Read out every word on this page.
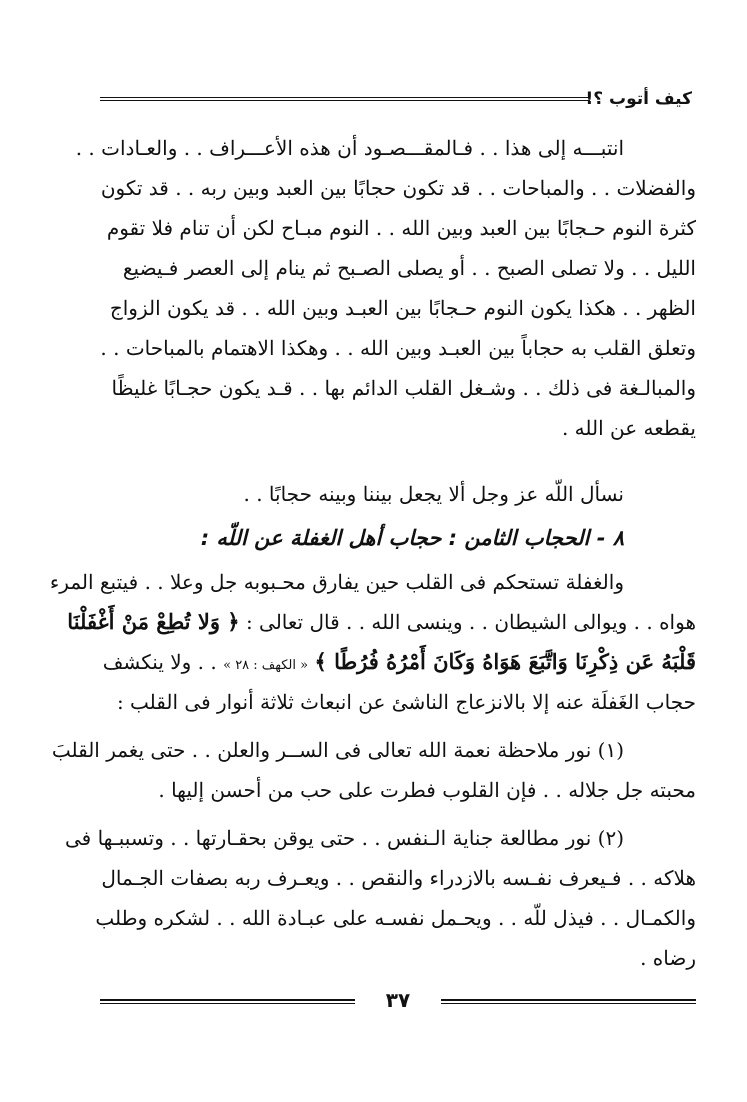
كيف أتوب ؟!
انتبـــه إلى هذا . . فـالمقـــصـود أن هذه الأعـــراف . . والعـادات . .
والفضلات . . والمباحات . . قد تكون حجابًا بين العبد وبين ربه . . قد تكون
كثرة النوم حـجابًا بين العبد وبين الله . . النوم مبـاح لكن أن تنام فلا تقوم
الليل . . ولا تصلى الصبح . . أو يصلى الصـبح ثم ينام إلى العصر فـيضيع
الظهر . . هكذا يكون النوم حـجابًا بين العبـد وبين الله . . قد يكون الزواج
وتعلق القلب به حجاباً بين العبـد وبين الله . . وهكذا الاهتمام بالمباحات . .
والمبالـغة فى ذلك . . وشـغل القلب الدائم بها . . قـد يكون حجـابًا غليظًا
يقطعه عن الله .
نسأل اللّه عز وجل ألا يجعل بيننا وبينه حجابًا . .
٨ - الحجاب الثامن : حجاب أهل الغفلة عن اللّه :
والغفلة تستحكم فى القلب حين يفارق محـبوبه جل وعلا . . فيتبع المرء
هواه . . ويوالى الشيطان . . وينسى الله . . قال تعالى : ﴿ وَلا تُطِعْ مَنْ أَغْفَلْنَا
قَلْبَهُ عَن ذِكْرِنَا وَاتَّبَعَ هَوَاهُ وَكَانَ أَمْرُهُ فُرُطًا ﴾ « الكهف : ٢٨ » . . ولا ينكشف
حجاب الغَفلَة عنه إلا بالانزعاج الناشئ عن انبعاث ثلاثة أنوار فى القلب :
(١) نور ملاحظة نعمة الله تعالى فى الســر والعلن . . حتى يغمر القلبَ
محبته جل جلاله . . فإن القلوب فطرت على حب من أحسن إليها .
(٢) نور مطالعة جناية الـنفس . . حتى يوقن بحقـارتها . . وتسببـها فى
هلاكه . . فـيعرف نفـسه بالازدراء والنقص . . ويعـرف ربه بصفات الجـمال
والكمـال . . فيذل للّه . . ويحـمل نفسـه على عبـادة الله . . لشكره وطلب
رضاه .
٣٧
